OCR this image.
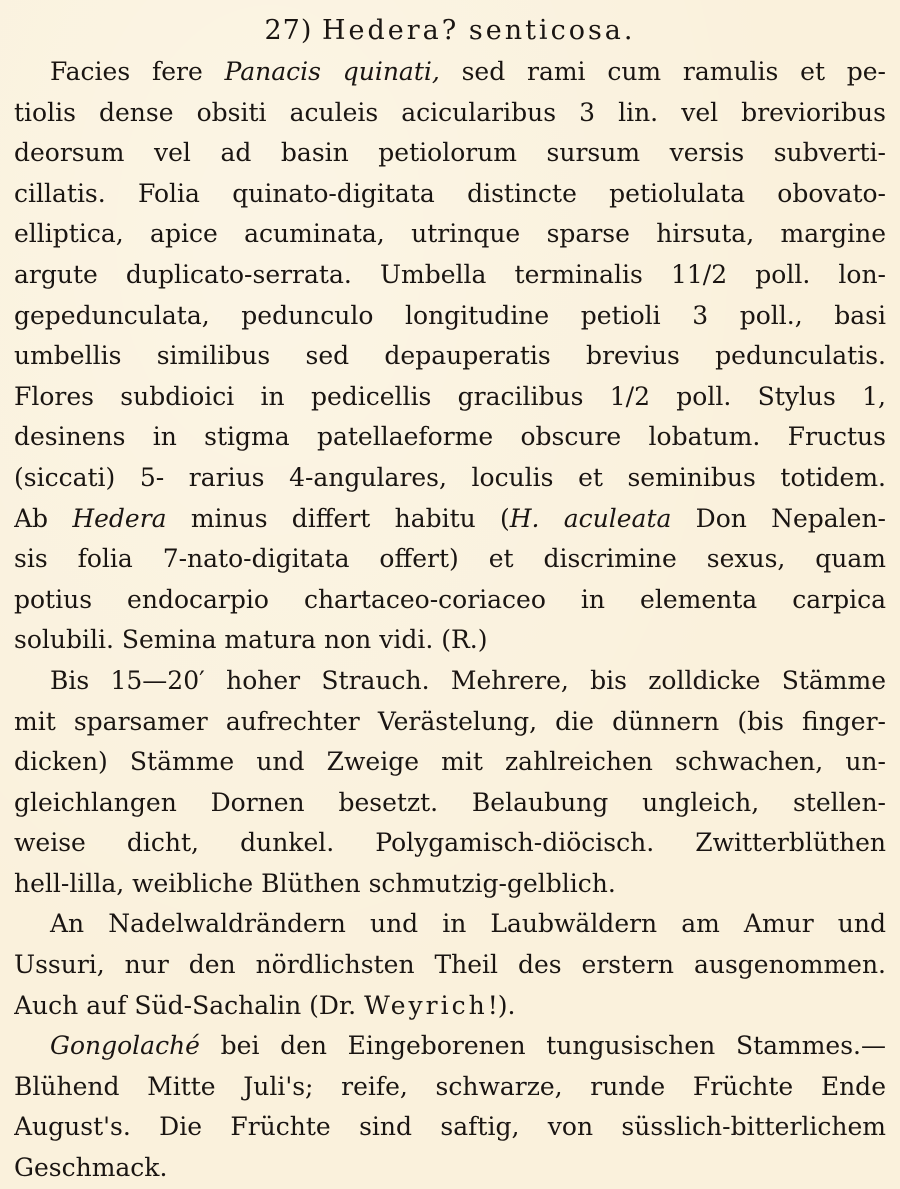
27) Hedera? senticosa.
Facies fere Panacis quinati, sed rami cum ramulis et pe-
tiolis dense obsiti aculeis acicularibus 3 lin. vel brevioribus
deorsum vel ad basin petiolorum sursum versis subverti-
cillatis. Folia quinato-digitata distincte petiolulata obovato-
elliptica, apice acuminata, utrinque sparse hirsuta, margine
argute duplicato-serrata. Umbella terminalis 11/2 poll. lon-
gepedunculata, pedunculo longitudine petioli 3 poll., basi
umbellis similibus sed depauperatis brevius pedunculatis.
Flores subdioici in pedicellis gracilibus 1/2 poll. Stylus 1,
desinens in stigma patellaeforme obscure lobatum. Fructus
(siccati) 5- rarius 4-angulares, loculis et seminibus totidem.
Ab Hedera minus differt habitu (H. aculeata Don Nepalen-
sis folia 7-nato-digitata offert) et discrimine sexus, quam
potius endocarpio chartaceo-coriaceo in elementa carpica
solubili. Semina matura non vidi. (R.)
Bis 15—20′ hoher Strauch. Mehrere, bis zolldicke Stämme
mit sparsamer aufrechter Verästelung, die dünnern (bis finger-
dicken) Stämme und Zweige mit zahlreichen schwachen, un-
gleichlangen Dornen besetzt. Belaubung ungleich, stellen-
weise dicht, dunkel. Polygamisch-diöcisch. Zwitterblüthen
hell-lilla, weibliche Blüthen schmutzig-gelblich.
An Nadelwaldrändern und in Laubwäldern am Amur und
Ussuri, nur den nördlichsten Theil des erstern ausgenommen.
Auch auf Süd-Sachalin (Dr. Weyrich!).
Gongolaché bei den Eingeborenen tungusischen Stammes.—
Blühend Mitte Juli's; reife, schwarze, runde Früchte Ende
August's. Die Früchte sind saftig, von süsslich-bitterlichem
Geschmack.
